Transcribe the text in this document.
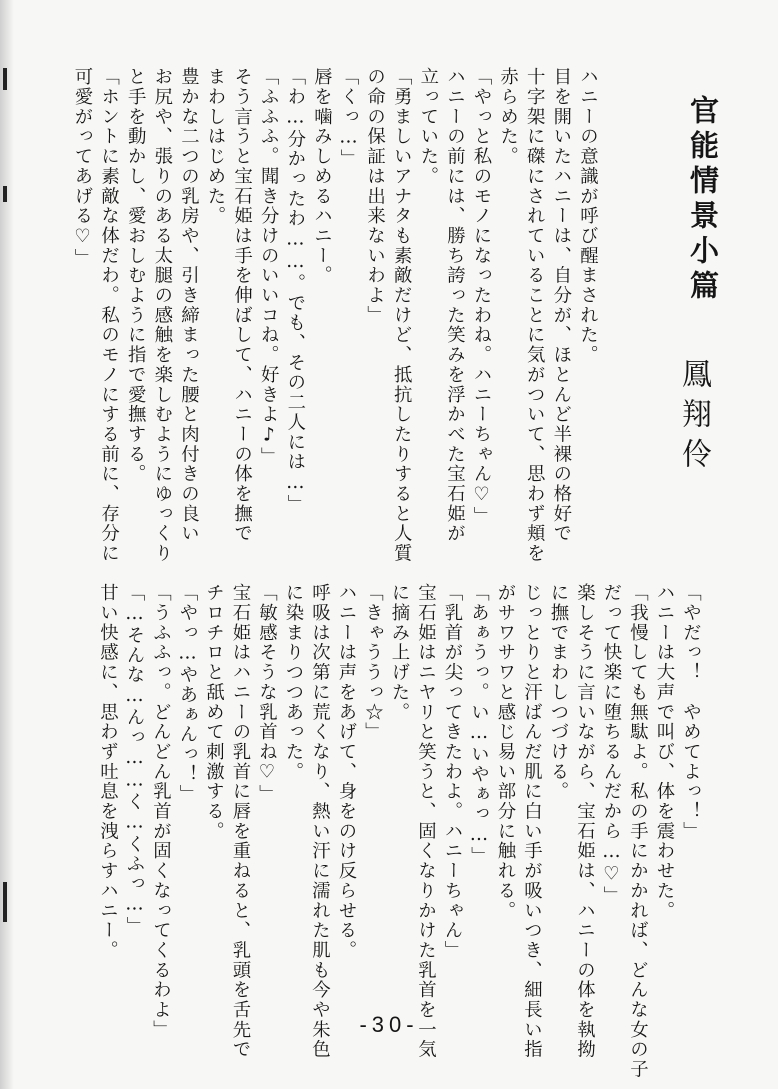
官能情景小篇

鳳翔伶

ハニーの意識が呼び醒まされた。

目を開いたハニーは、自分が、ほとんど半裸の格好で

十字架に磔にされていることに気がついて、思わず頬を

赤らめた。

「やっと私のモノになったわね。ハニーちゃん♡」

ハニーの前には、勝ち誇った笑みを浮かべた宝石姫が

立っていた。

「勇ましいアナタも素敵だけど、抵抗したりすると人質

の命の保証は出来ないわよ」

「くっ…」

唇を噛みしめるハニー。

「わ…分かったわ……。でも、その二人には…」

「ふふふ。聞き分けのいいコね。好きよ♪」

そう言うと宝石姫は手を伸ばして、ハニーの体を撫で

まわしはじめた。

豊かな二つの乳房や、引き締まった腰と肉付きの良い

お尻や、張りのある太腿の感触を楽しむようにゆっくり

と手を動かし、愛おしむように指で愛撫する。

「ホントに素敵な体だわ。私のモノにする前に、存分に

可愛がってあげる♡」

「やだっ！　やめてよっ！」

ハニーは大声で叫び、体を震わせた。

「我慢しても無駄よ。私の手にかかれば、どんな女の子

だって快楽に堕ちるんだから…♡」

楽しそうに言いながら、宝石姫は、ハニーの体を執拗

に撫でまわしつづける。

じっとりと汗ばんだ肌に白い手が吸いつき、細長い指

がサワサワと感じ易い部分に触れる。

「あぁうっ。い…いやぁっ…」

「乳首が尖ってきたわよ。ハニーちゃん」

宝石姫はニヤリと笑うと、固くなりかけた乳首を一気

に摘み上げた。

「きゃううっ☆」

ハニーは声をあげて、身をのけ反らせる。

呼吸は次第に荒くなり、熱い汗に濡れた肌も今や朱色

に染まりつつあった。

「敏感そうな乳首ね♡」

宝石姫はハニーの乳首に唇を重ねると、乳頭を舌先で

チロチロと舐めて刺激する。

「やっ…やあぁんっ！」

「うふふっ。どんどん乳首が固くなってくるわよ」

「…そんな…んっ……く…くふっ…」

甘い快感に、思わず吐息を洩らすハニー。

-30-
